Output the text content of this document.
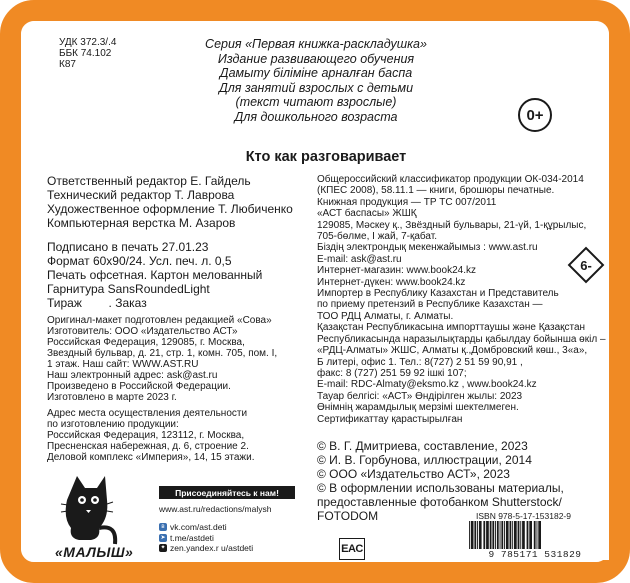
УДК 372.3/.4
ББК 74.102
К87
Серия «Первая книжка-раскладушка»
Издание развивающего обучения
Дамыту біліміне арналған баспа
Для занятий взрослых с детьми
(текст читают взрослые)
Для дошкольного возраста	0+
Кто как разговаривает
Ответственный редактор Е. Гайдель
Технический редактор Т. Лаврова
Художественное оформление Т. Любиченко
Компьютерная верстка М. Азаров
Подписано в печать 27.01.23
Формат 60х90/24. Усл. печ. л. 0,5
Печать офсетная. Картон мелованный
Гарнитура SansRoundedLight
Тираж        . Заказ
Оригинал-макет подготовлен редакцией «Сова»
Изготовитель: ООО «Издательство АСТ»
Российская Федерация, 129085, г. Москва,
Звездный бульвар, д. 21, стр. 1, комн. 705, пом. I,
1 этаж. Наш сайт: WWW.AST.RU
Наш электронный адрес: ask@ast.ru
Произведено в Российской Федерации.
Изготовлено в марте 2023 г.
Адрес места осуществления деятельности
по изготовлению продукции:
Российская Федерация, 123112, г. Москва,
Пресненская набережная, д. 6, строение 2.
Деловой комплекс «Империя», 14, 15 этажи.
Общероссийский классификатор продукции ОК-034-2014
(КПЕС 2008), 58.11.1 — книги, брошюры печатные.
Книжная продукция — ТР ТС 007/2011
«АСТ баспасы» ЖШҚ
129085, Мәскеу қ., Звёздный бульвары, 21-үй, 1-құрылыс,
705-бөлме, I жай, 7-қабат.
Біздің электрондық мекенжайымыз : www.ast.ru
E-mail: ask@ast.ru
Интернет-магазин: www.book24.kz
Интернет-дүкен: www.book24.kz
Импортер в Республику Казахстан и Представитель
по приему претензий в Республике Казахстан —
ТОО РДЦ Алматы, г. Алматы.
Қазақстан Республикасына импорттаушы және Қазақстан
Республикасында наразылықтарды қабылдау бойынша өкіл –
«РДЦ-Алматы» ЖШС, Алматы қ.,Домбровский көш., 3«а»,
Б литері, офис 1. Тел.: 8(727) 2 51 59 90,91 ,
факс: 8 (727) 251 59 92 ішкі 107;
E-mail: RDC-Almaty@eksmo.kz , www.book24.kz
Тауар белгісі: «АСТ» Өндірілген жылы: 2023
Өнімнің жарамдылық мерзімі шектелмеген.
Сертификаттау қарастырылған
© В. Г. Дмитриева, составление, 2023
© И. В. Горбунова, иллюстрации, 2014
© ООО «Издательство АСТ», 2023
© В оформлении использованы материалы,
предоставленные фотобанком Shutterstock/
FOTODOM
6-
«МАЛЫШ»
Присоединяйтесь к нам!
www.ast.ru/redactions/malysh
в vk.com/ast.deti
➤ t.me/astdeti
✦ zen.yandex.r u/astdeti	EAC
ISBN 978-5-17-153182-9
9 785171 531829
